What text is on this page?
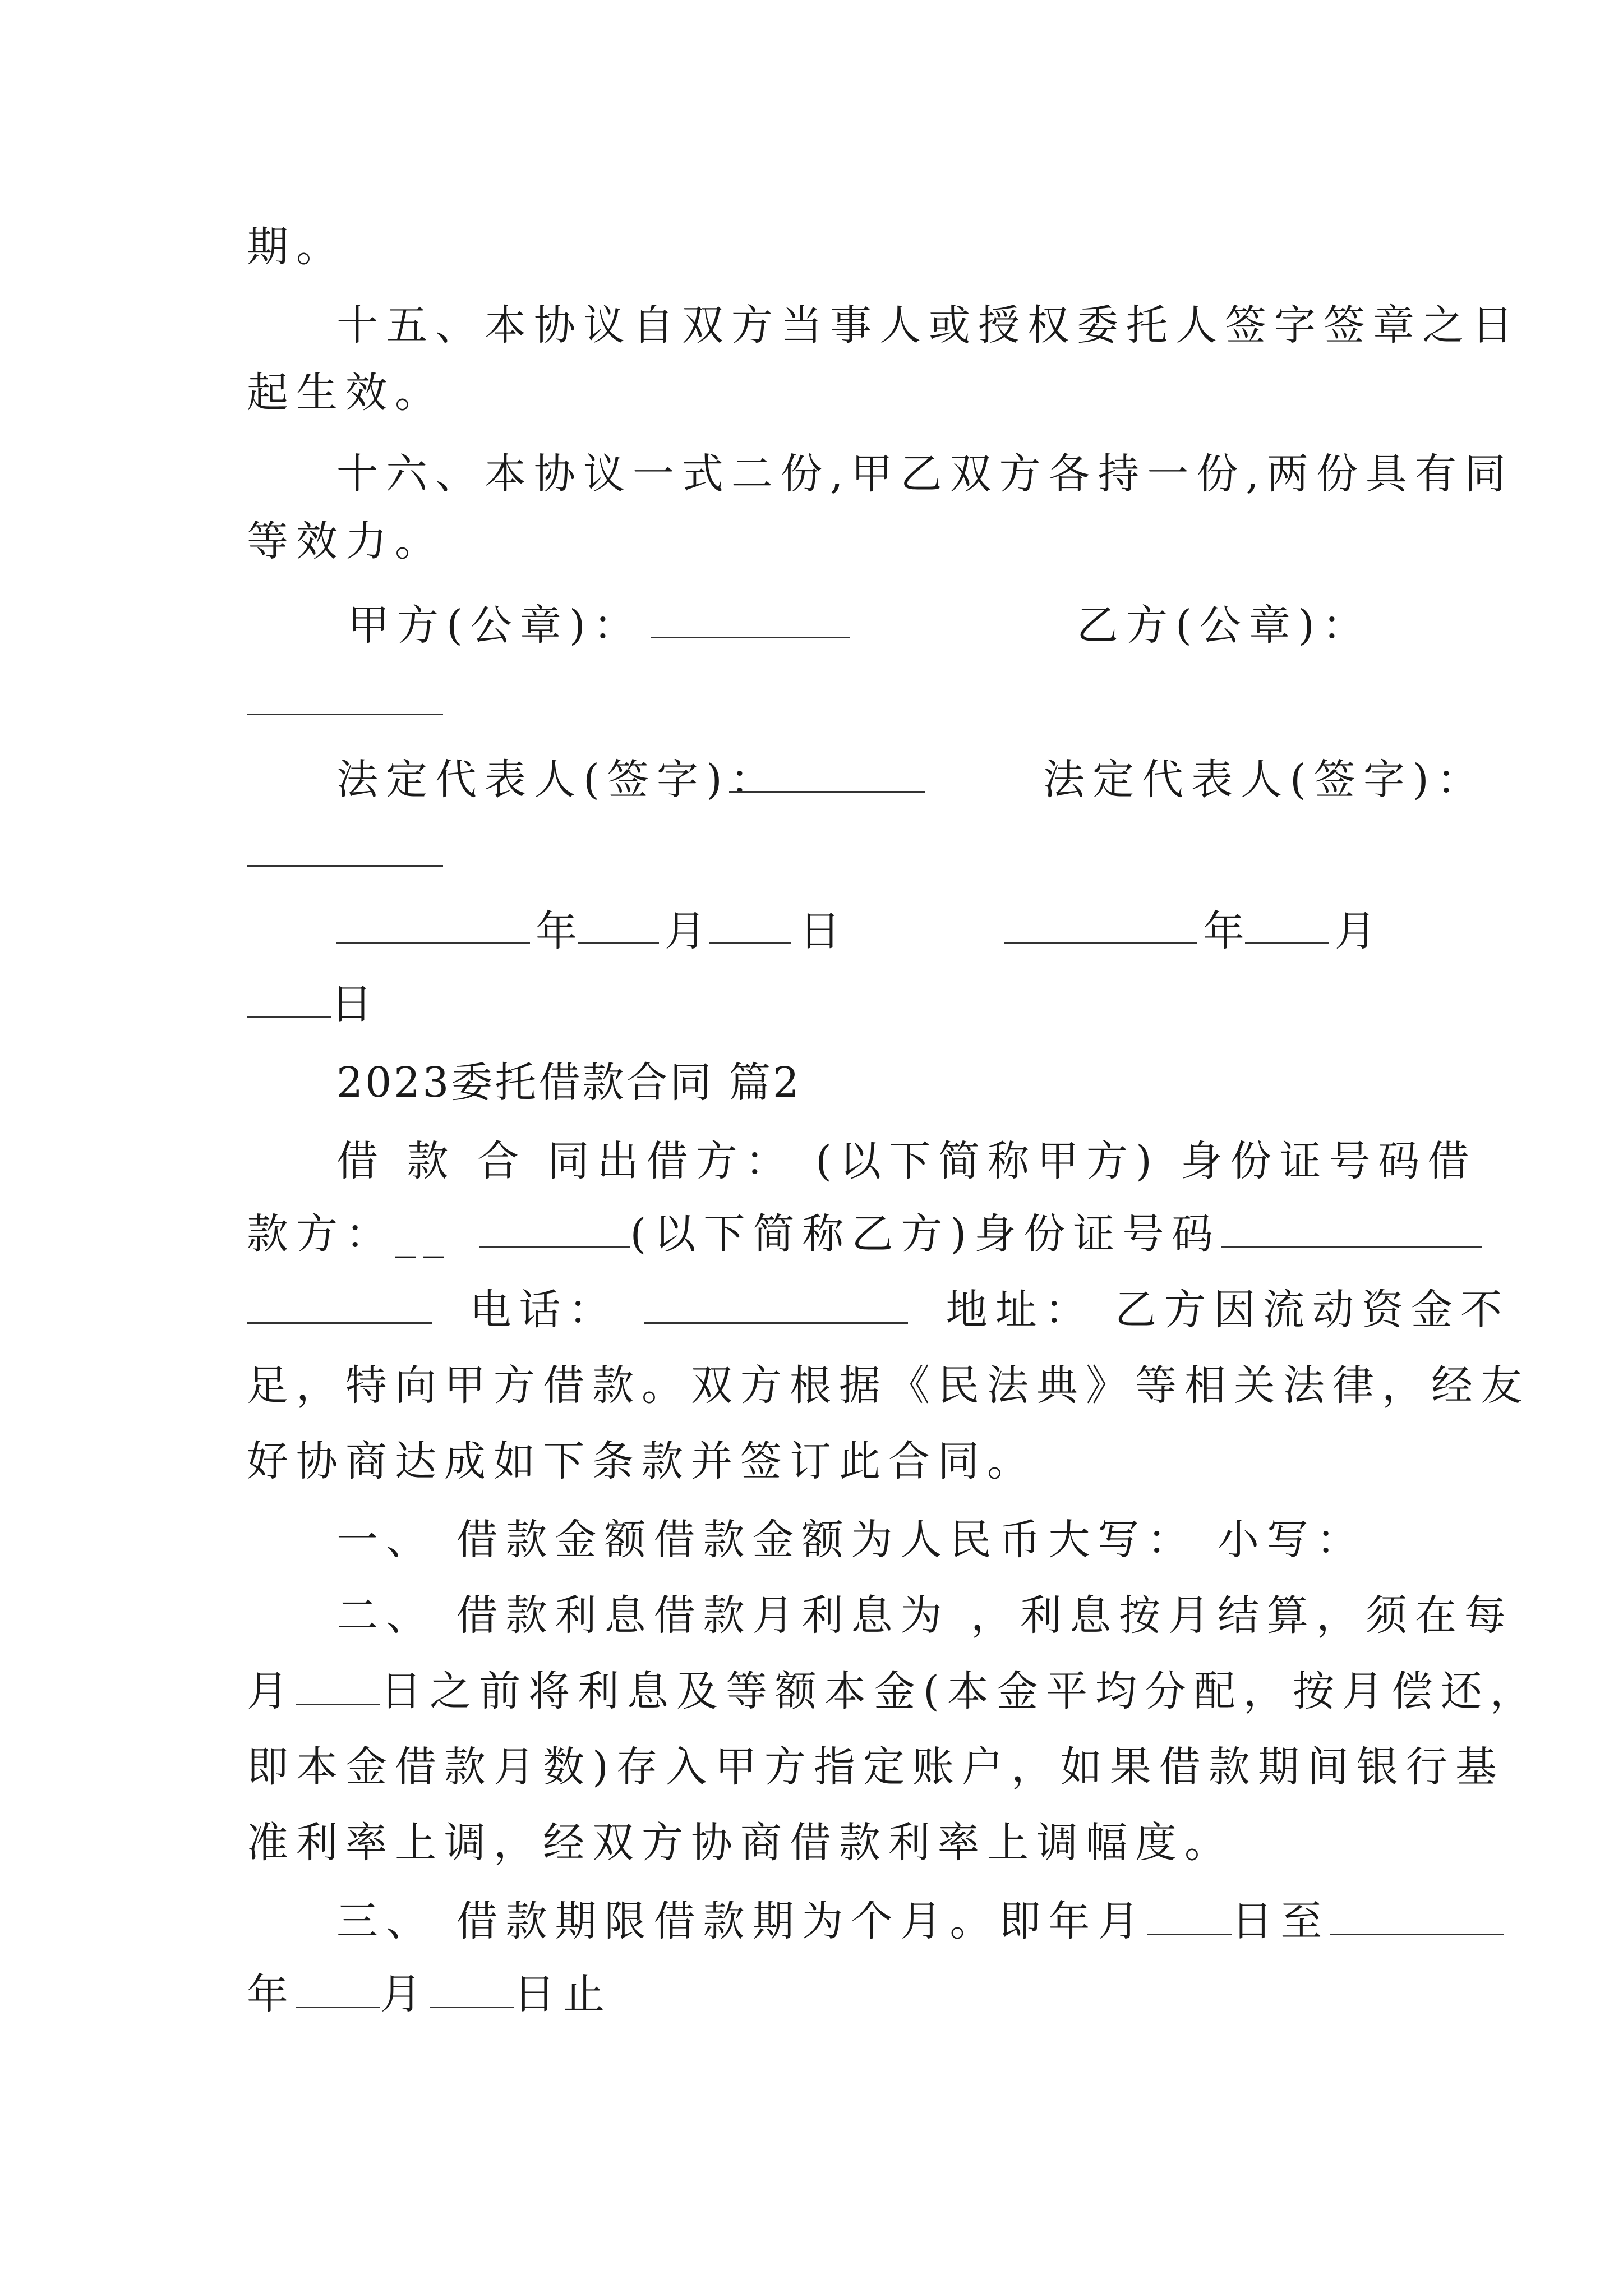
期。
十五、本协议自双方当事人或授权委托人签字签章之日
起生效。
十六、本协议一式二份,甲乙双方各持一份,两份具有同
等效力。
甲方(公章)：	乙方(公章)：
法定代表人(签字)：	法定代表人(签字)：
年 月 日	年 月
日
2023委托借款合同 篇2
借 款 合 同出借方： (以下简称甲方) 身份证号码借
款方：__	(以下简称乙方)身份证号码
电话：	地址： 乙方因流动资金不
足，特向甲方借款。双方根据《民法典》等相关法律，经友
好协商达成如下条款并签订此合同。
一、 借款金额借款金额为人民币大写： 小写：
二、 借款利息借款月利息为 ，利息按月结算，须在每
月 日之前将利息及等额本金(本金平均分配，按月偿还，
即本金借款月数)存入甲方指定账户，如果借款期间银行基
准利率上调，经双方协商借款利率上调幅度。
三、 借款期限借款期为个月。即年月 日至
年 月 日止
